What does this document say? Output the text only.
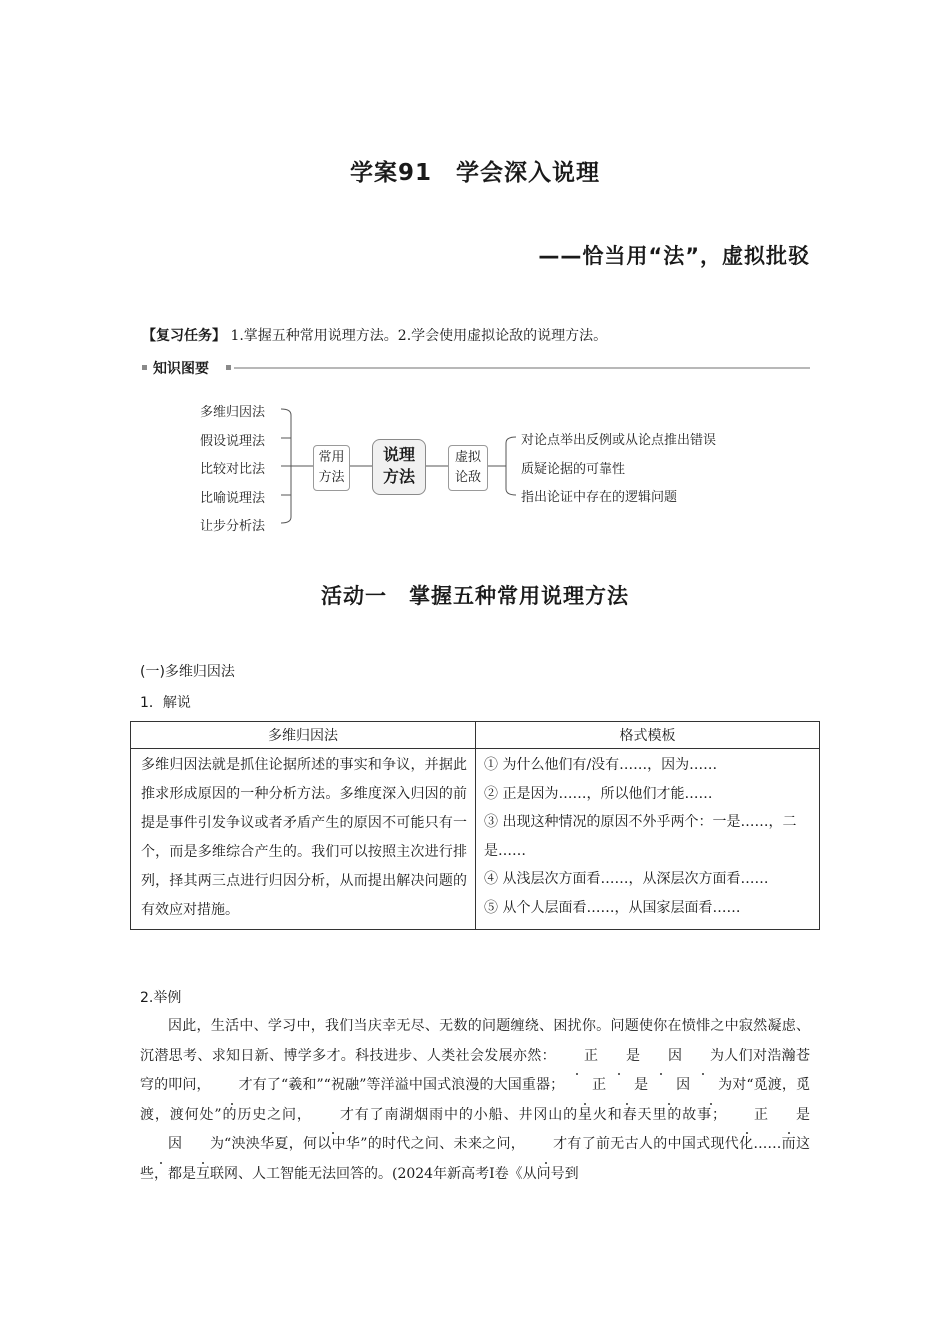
学案91　学会深入说理
——恰当用“法”，虚拟批驳
【复习任务】 1.掌握五种常用说理方法。2.学会使用虚拟论敌的说理方法。
知识图要
多维归因法
假设说理法
比较对比法
比喻说理法
让步分析法
常用
方法
说理
方法
虚拟
论敌
对论点举出反例或从论点推出错误
质疑论据的可靠性
指出论证中存在的逻辑问题
活动一　掌握五种常用说理方法
(一)多维归因法
1．解说
多维归因法	格式模板

多维归因法就是抓住论据所述的事实和争议，并据此推求形成原因的一种分析方法。多维度深入归因的前提是事件引发争议或者矛盾产生的原因不可能只有一个，而是多维综合产生的。我们可以按照主次进行排列，择其两三点进行归因分析，从而提出解决问题的有效应对措施。	① 为什么他们有/没有……，因为……
② 正是因为……，所以他们才能……
③ 出现这种情况的原因不外乎两个：一是……，二是……
④ 从浅层次方面看……，从深层次方面看……
⑤ 从个人层面看……，从国家层面看……
2.举例
因此，生活中、学习中，我们当庆幸无尽、无数的问题缠绕、困扰你。问题使你在愤悱之中寂然凝虑、沉潜思考、求知日新、博学多才。科技进步、人类社会发展亦然： 正 是 因 为人们对浩瀚苍穹的叩问， 才有了“羲和”“祝融”等洋溢中国式浪漫的大国重器； 正 是 因 为对“觅渡，觅渡，渡何处”的历史之问， 才有了南湖烟雨中的小船、井冈山的星火和春天里的故事； 正 是因 为“泱泱华夏，何以中华”的时代之问、未来之问， 才有了前无古人的中国式现代化……而这些，都是互联网、人工智能无法回答的。(2024年新高考Ⅰ卷《从问号到
